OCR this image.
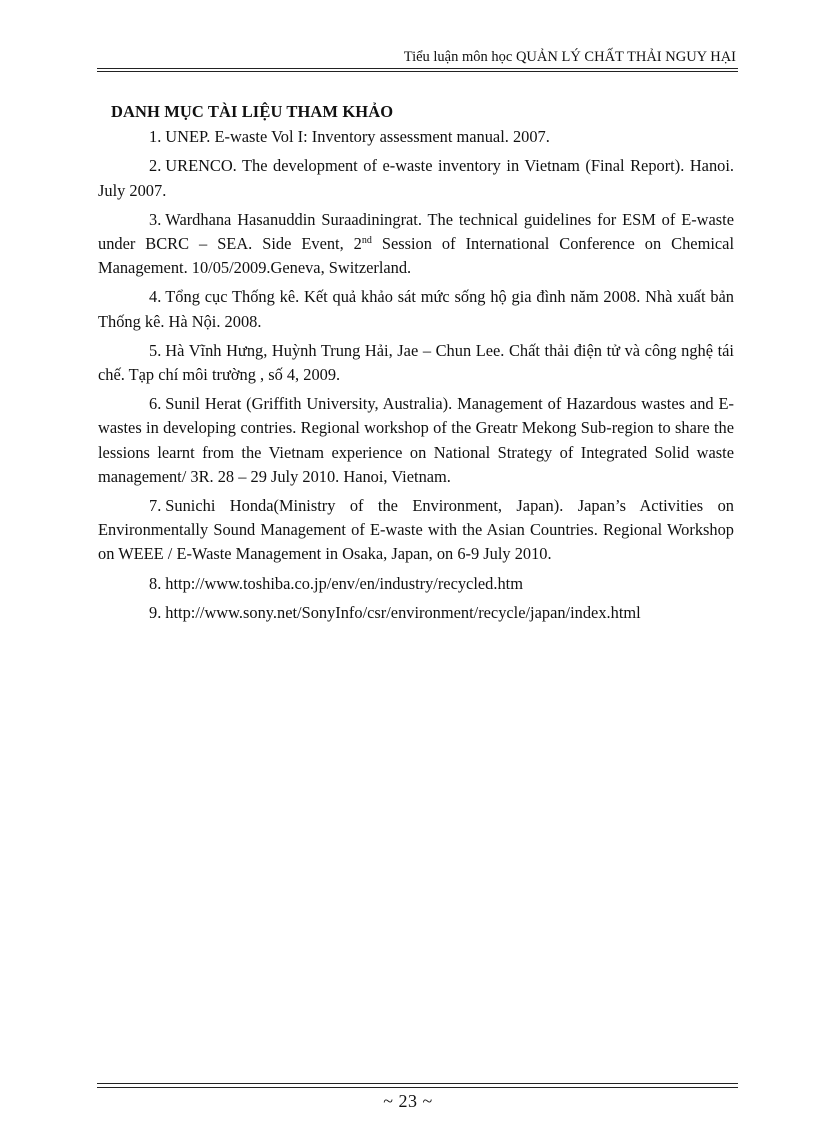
Tiểu luận môn học QUẢN LÝ CHẤT THẢI NGUY HẠI
DANH MỤC TÀI LIỆU THAM KHẢO

1. UNEP. E-waste Vol I: Inventory assessment manual. 2007.

2. URENCO. The development of e-waste inventory in Vietnam (Final Report). Hanoi. July 2007.

3. Wardhana Hasanuddin Suraadiningrat. The technical guidelines for ESM of E-waste under BCRC – SEA. Side Event, 2nd Session of International Conference on Chemical Management. 10/05/2009.Geneva, Switzerland.

4. Tổng cục Thống kê. Kết quả khảo sát mức sống hộ gia đình năm 2008. Nhà xuất bản Thống kê. Hà Nội. 2008.

5. Hà Vĩnh Hưng, Huỳnh Trung Hải, Jae – Chun Lee. Chất thải điện tử và công nghệ tái chế. Tạp chí môi trường , số 4, 2009.

6. Sunil Herat (Griffith University, Australia). Management of Hazardous wastes and E-wastes in developing contries. Regional workshop of the Greatr Mekong Sub-region to share the lessions learnt from the Vietnam experience on National Strategy of Integrated Solid waste management/ 3R. 28 – 29 July 2010. Hanoi, Vietnam.

7. Sunichi Honda(Ministry of the Environment, Japan). Japan’s Activities on Environmentally Sound Management of E-waste with the Asian Countries. Regional Workshop on WEEE / E-Waste Management in Osaka, Japan, on 6-9 July 2010.

8. http://www.toshiba.co.jp/env/en/industry/recycled.htm

9. http://www.sony.net/SonyInfo/csr/environment/recycle/japan/index.html

~ 23 ~
